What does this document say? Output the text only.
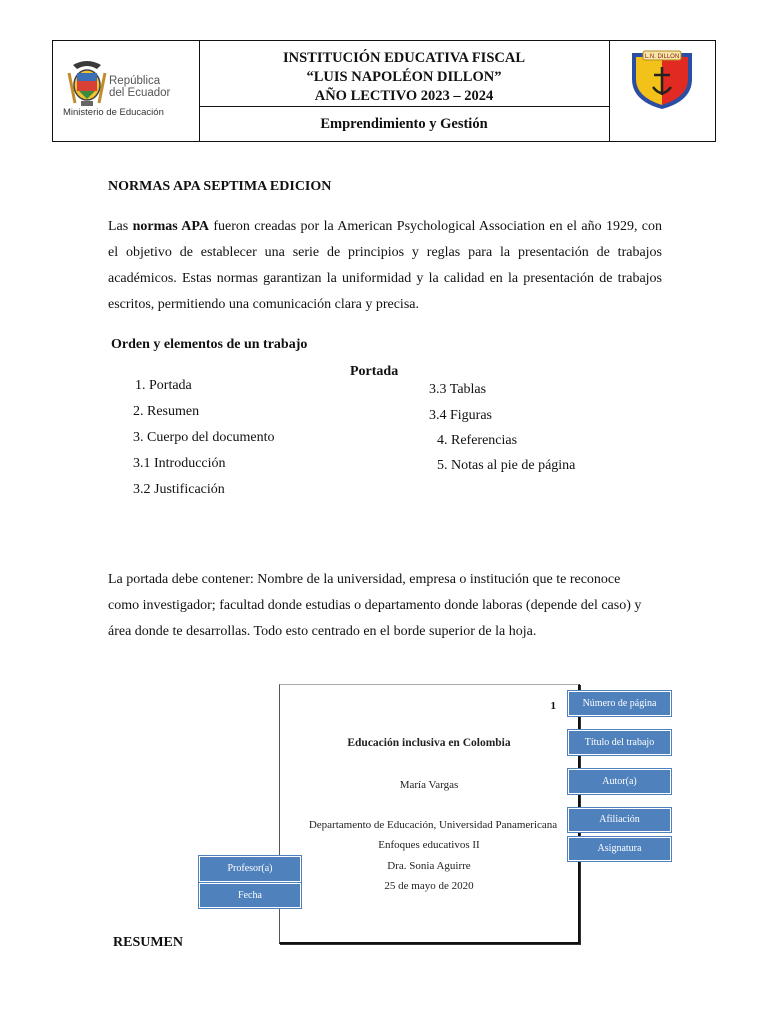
República
del Ecuador
Ministerio de Educación
INSTITUCIÓN EDUCATIVA FISCAL
“LUIS NAPOLÉON DILLON”
AÑO LECTIVO 2023 – 2024
Emprendimiento y Gestión
L.N. DILLON
NORMAS APA SEPTIMA EDICION
Las normas APA fueron creadas por la American Psychological Association en el año 1929, con el objetivo de establecer una serie de principios y reglas para la presentación de trabajos académicos. Estas normas garantizan la uniformidad y la calidad en la presentación de trabajos escritos, permitiendo una comunicación clara y precisa.
Orden y elementos de un trabajo
Portada
1. Portada
2. Resumen
3. Cuerpo del documento
3.1 Introducción
3.2 Justificación
3.3 Tablas
3.4 Figuras
4. Referencias
5. Notas al pie de página
La portada debe contener: Nombre de la universidad, empresa o institución que te reconoce como investigador; facultad donde estudias o departamento donde laboras (depende del caso) y área donde te desarrollas. Todo esto centrado en el borde superior de la hoja.
1
Educación inclusiva en Colombia
María Vargas
Departamento de Educación, Universidad Panamericana
Enfoques educativos II
Dra. Sonia Aguirre
25 de mayo de 2020
Número de página
Título del trabajo
Autor(a)
Afiliación
Asignatura
Profesor(a)
Fecha
RESUMEN
